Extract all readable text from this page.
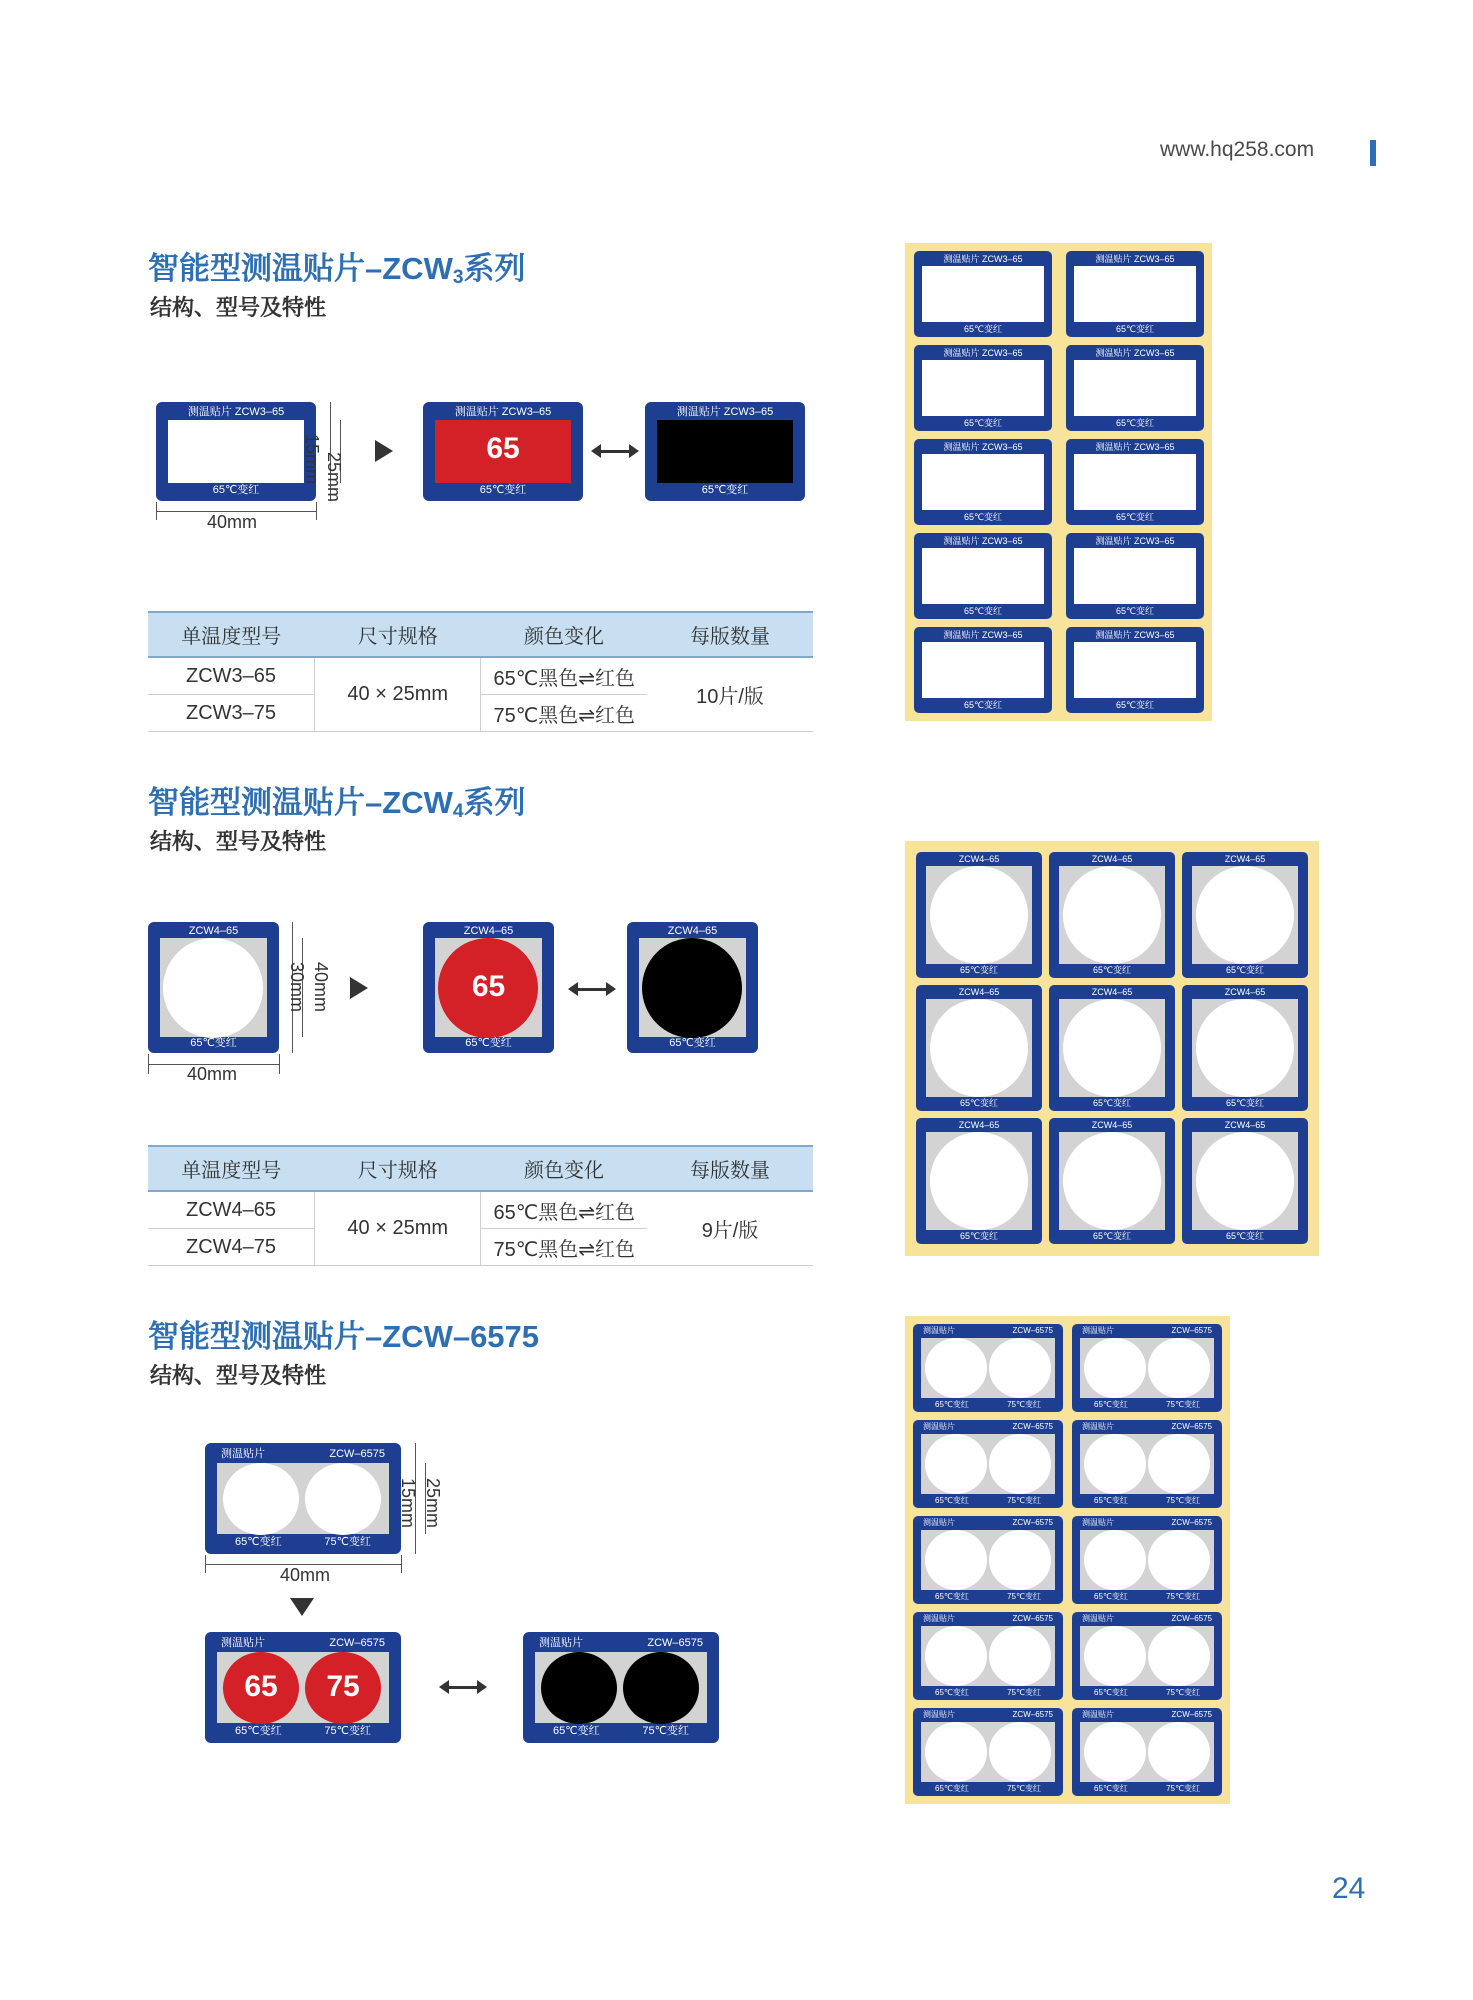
www.hq258.com
智能型测温贴片$-ZCW_3$系列
结构、型号及特性
测温贴片 ZCW3–65
65℃变红
40mm
25mm
15mm
测温贴片 ZCW3–65
65
65℃变红
测温贴片 ZCW3–65
65℃变红
单温度型号	尺寸规格	颜色变化	每版数量
ZCW3–65	40 × 25mm	65℃黑色⇌红色	10片/版
ZCW3–75		75℃黑色⇌红色	
测温贴片 ZCW3–65
65℃变红
测温贴片 ZCW3–65
65℃变红
测温贴片 ZCW3–65
65℃变红
测温贴片 ZCW3–65
65℃变红
测温贴片 ZCW3–65
65℃变红
测温贴片 ZCW3–65
65℃变红
测温贴片 ZCW3–65
65℃变红
测温贴片 ZCW3–65
65℃变红
测温贴片 ZCW3–65
65℃变红
测温贴片 ZCW3–65
65℃变红
智能型测温贴片$-ZCW_4$系列
结构、型号及特性
ZCW4–65
65℃变红
40mm
40mm
30mm
ZCW4–65
65
65℃变红
ZCW4–65
65℃变红
单温度型号	尺寸规格	颜色变化	每版数量
ZCW4–65	40 × 25mm	65℃黑色⇌红色	9片/版
ZCW4–75		75℃黑色⇌红色	
ZCW4–65
65℃变红
ZCW4–65
65℃变红
ZCW4–65
65℃变红
ZCW4–65
65℃变红
ZCW4–65
65℃变红
ZCW4–65
65℃变红
ZCW4–65
65℃变红
ZCW4–65
65℃变红
ZCW4–65
65℃变红
智能型测温贴片–ZCW–6575
结构、型号及特性
测温贴片	ZCW–6575
65℃变红	75℃变红
40mm
25mm
15mm
测温贴片	ZCW–6575
65	75
65℃变红	75℃变红
测温贴片	ZCW–6575
65℃变红	75℃变红
测温贴片	ZCW–6575
65℃变红	75℃变红
测温贴片	ZCW–6575
65℃变红	75℃变红
测温贴片	ZCW–6575
65℃变红	75℃变红
测温贴片	ZCW–6575
65℃变红	75℃变红
测温贴片	ZCW–6575
65℃变红	75℃变红
测温贴片	ZCW–6575
65℃变红	75℃变红
测温贴片	ZCW–6575
65℃变红	75℃变红
测温贴片	ZCW–6575
65℃变红	75℃变红
测温贴片	ZCW–6575
65℃变红	75℃变红
测温贴片	ZCW–6575
65℃变红	75℃变红
24
